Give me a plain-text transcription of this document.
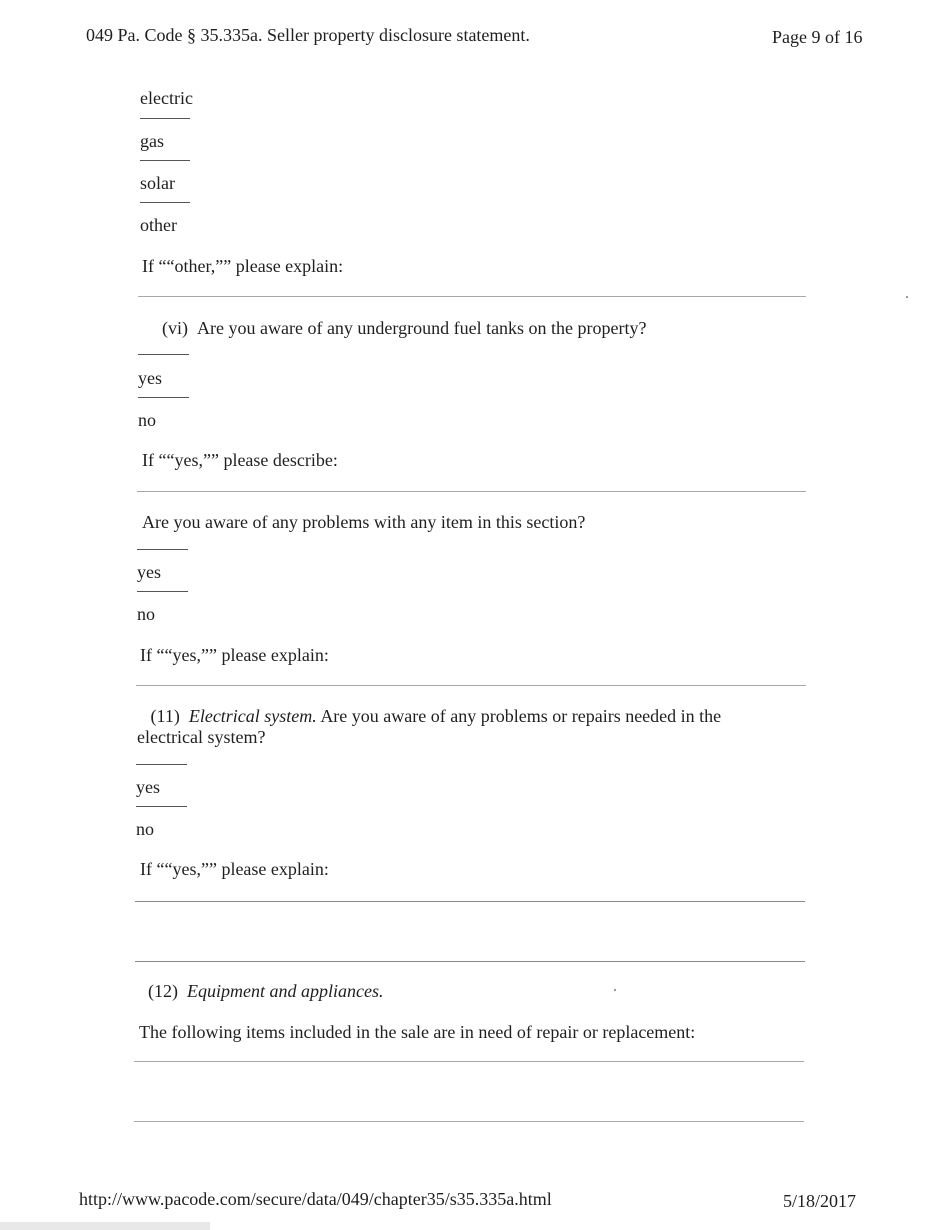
049 Pa. Code § 35.335a. Seller property disclosure statement.	Page 9 of 16
electric
gas
solar
other
If ““other,”” please explain:
(vi) Are you aware of any underground fuel tanks on the property?
yes
no
If ““yes,”” please describe:
Are you aware of any problems with any item in this section?
yes
no
If ““yes,”” please explain:
(11) Electrical system. Are you aware of any problems or repairs needed in the electrical system?
yes
no
If ““yes,”” please explain:
(12) Equipment and appliances.
The following items included in the sale are in need of repair or replacement:
http://www.pacode.com/secure/data/049/chapter35/s35.335a.html	5/18/2017
